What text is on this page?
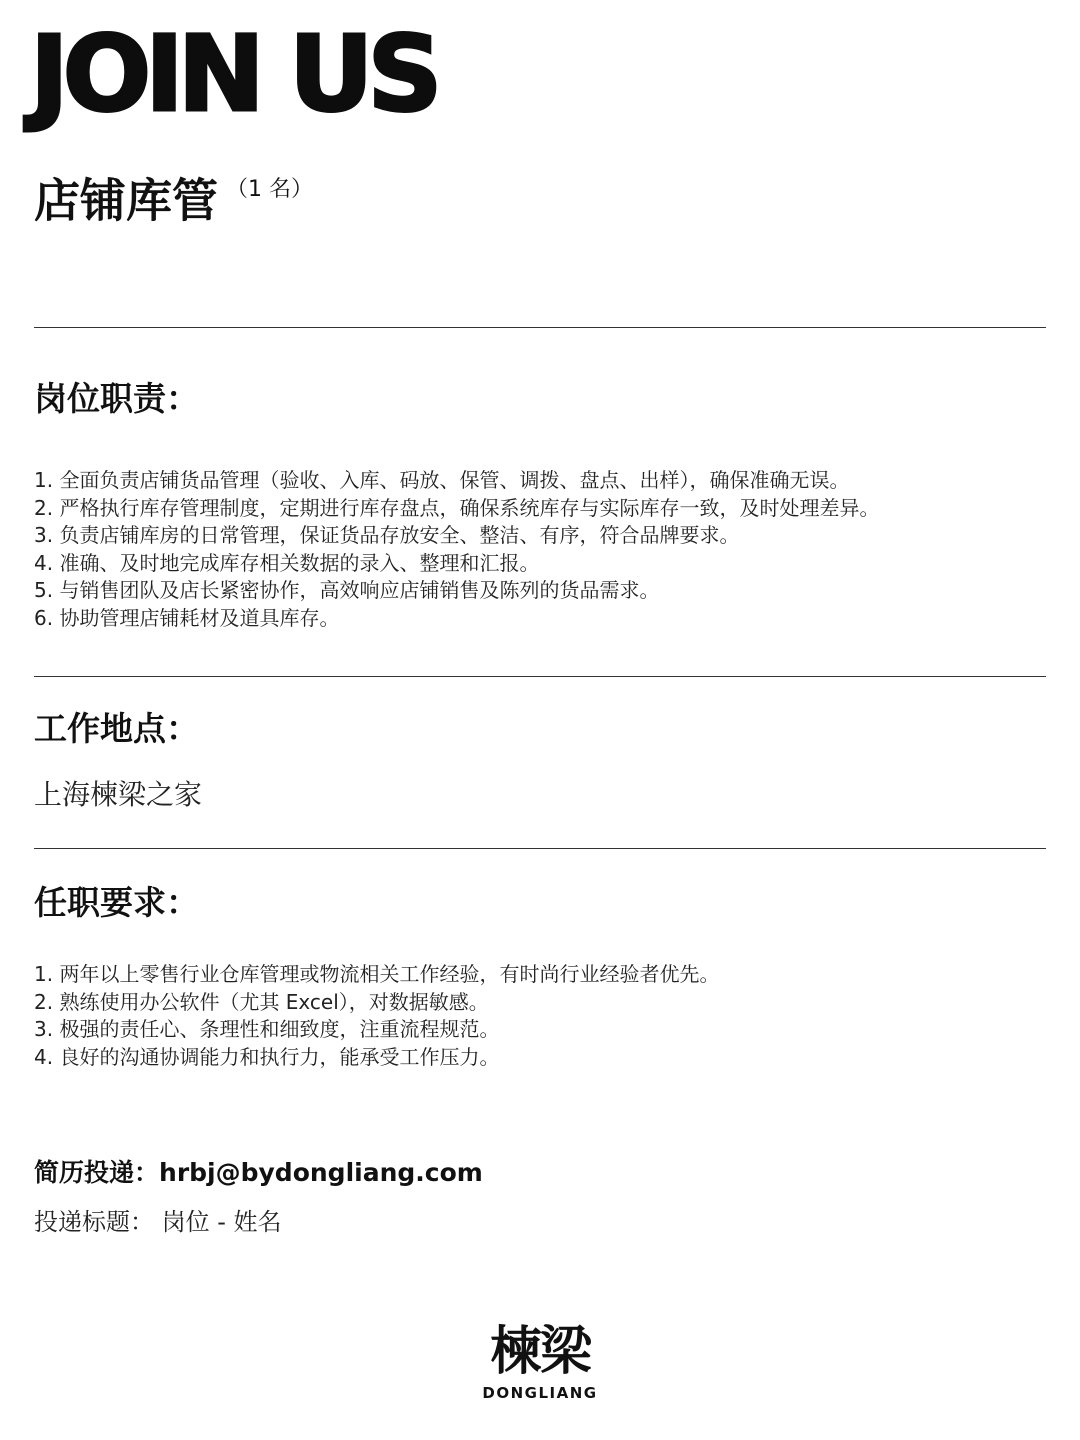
JOIN US
店铺库管 （1 名）
岗位职责：
1. 全面负责店铺货品管理（验收、入库、码放、保管、调拨、盘点、出样），确保准确无误。
2. 严格执行库存管理制度，定期进行库存盘点，确保系统库存与实际库存一致，及时处理差异。
3. 负责店铺库房的日常管理，保证货品存放安全、整洁、有序，符合品牌要求。
4. 准确、及时地完成库存相关数据的录入、整理和汇报。
5. 与销售团队及店长紧密协作，高效响应店铺销售及陈列的货品需求。
6. 协助管理店铺耗材及道具库存。
工作地点：

上海楝梁之家

任职要求：
1. 两年以上零售行业仓库管理或物流相关工作经验，有时尚行业经验者优先。
2. 熟练使用办公软件（尤其 Excel），对数据敏感。
3. 极强的责任心、条理性和细致度，注重流程规范。
4. 良好的沟通协调能力和执行力，能承受工作压力。

简历投递：hrbj@bydongliang.com

投递标题： 岗位 - 姓名

楝梁
DONGLIANG
